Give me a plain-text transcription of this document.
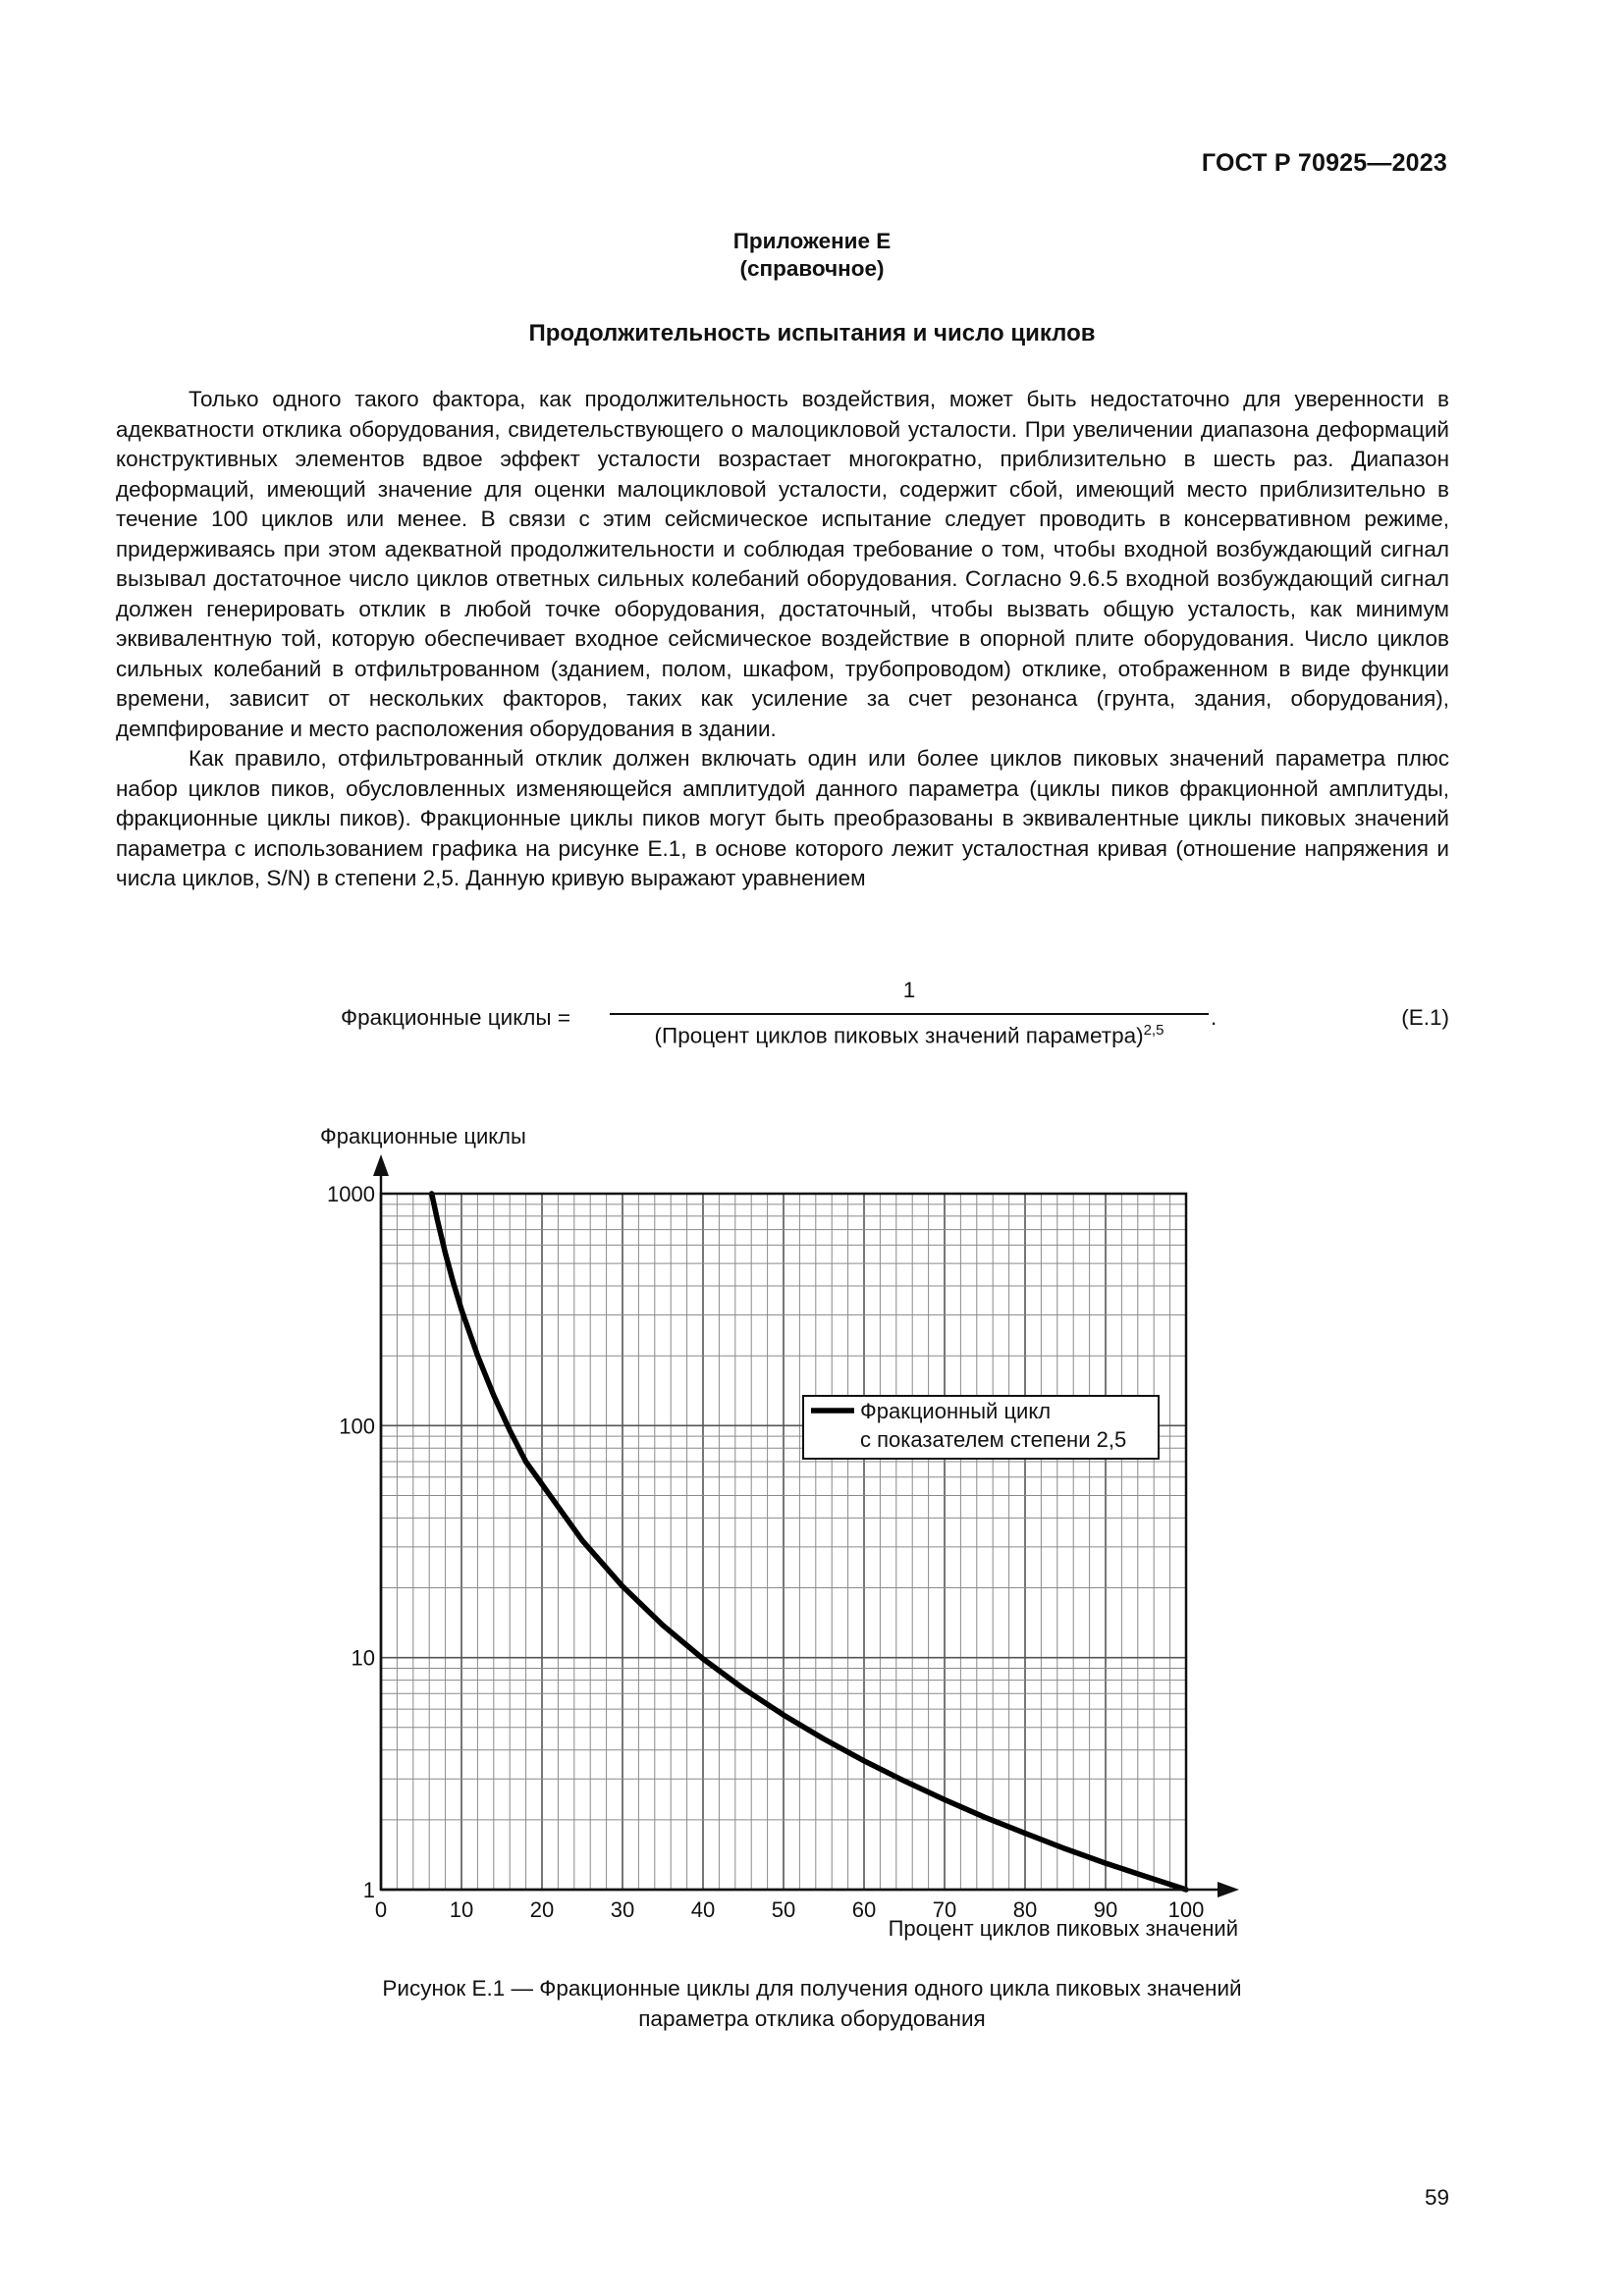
ГОСТ Р 70925—2023
Приложение Е
(справочное)
Продолжительность испытания и число циклов

Только одного такого фактора, как продолжительность воздействия, может быть недостаточно для уверенности в адекватности отклика оборудования, свидетельствующего о малоцикловой усталости. При увеличении диапазона деформаций конструктивных элементов вдвое эффект усталости возрастает многократно, приблизительно в шесть раз. Диапазон деформаций, имеющий значение для оценки малоцикловой усталости, содержит сбой, имеющий место приблизительно в течение 100 циклов или менее. В связи с этим сейсмическое испытание следует проводить в консервативном режиме, придерживаясь при этом адекватной продолжительности и соблюдая требование о том, чтобы входной возбуждающий сигнал вызывал достаточное число циклов ответных сильных колебаний оборудования. Согласно 9.6.5 входной возбуждающий сигнал должен генерировать отклик в любой точке оборудования, достаточный, чтобы вызвать общую усталость, как минимум эквивалентную той, которую обеспечивает входное сейсмическое воздействие в опорной плите оборудования. Число циклов сильных колебаний в отфильтрованном (зданием, полом, шкафом, трубопроводом) отклике, отображенном в виде функции времени, зависит от нескольких факторов, таких как усиление за счет резонанса (грунта, здания, оборудования), демпфирование и место расположения оборудования в здании.

Как правило, отфильтрованный отклик должен включать один или более циклов пиковых значений параметра плюс набор циклов пиков, обусловленных изменяющейся амплитудой данного параметра (циклы пиков фракционной амплитуды, фракционные циклы пиков). Фракционные циклы пиков могут быть преобразованы в эквивалентные циклы пиковых значений параметра с использованием графика на рисунке Е.1, в основе которого лежит усталостная кривая (отношение напряжения и числа циклов, S/N) в степени 2,5. Данную кривую выражают уравнением

Фракционные циклы =
1
(Процент циклов пиковых значений параметра)$^{2,5}$
.	(Е.1)
0	10	20	30	40	50	60	70	80	90 100
1
10
100
1000
Фракционные циклы
Процент циклов пиковых значений
Фракционный цикл
с показателем степени 2,5
Рисунок Е.1 — Фракционные циклы для получения одного цикла пиковых значений
параметра отклика оборудования
59
